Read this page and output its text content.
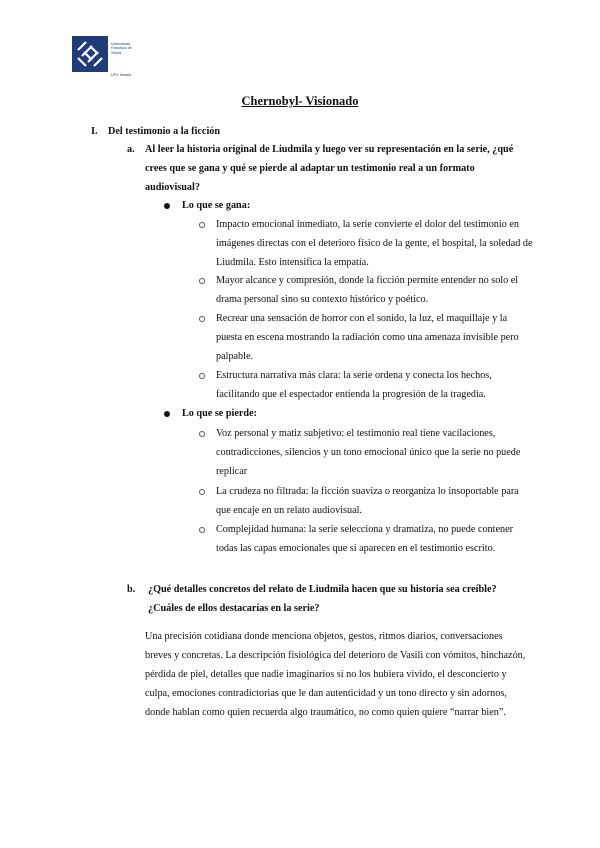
Universidad
Francisco de
Vitoria
UFV Madrid
Chernobyl- Visionado
I. Del testimonio a la ficción
a. Al leer la historia original de Liudmila y luego ver su representación en la serie, ¿qué crees que se gana y qué se pierde al adaptar un testimonio real a un formato audiovisual?
Lo que se gana:
Impacto emocional inmediato, la serie convierte el dolor del testimonio en imágenes directas con el deterioro físico de la gente, el hospital, la soledad de Liudmila. Esto intensifica la empatía.
Mayor alcance y compresión, donde la ficción permite entender no solo el drama personal sino su contexto histórico y poético.
Recrear una sensación de horror con el sonido, la luz, el maquillaje y la puesta en escena mostrando la radiación como una amenaza invisible pero palpable.
Estructura narrativa más clara: la serie ordena y conecta los hechos, facilitando que el espectador entienda la progresión de la tragedia.
Lo que se pierde:
Voz personal y matiz subjetivo: el testimonio real tiene vacilaciones, contradicciones, silencios y un tono emocional único que la serie no puede replicar
La crudeza no filtrada: la ficción suaviza o reorganiza lo insoportable para que encaje en un relato audiovisual.
Complejidad humana: la serie selecciona y dramatiza, no puede contener todas las capas emocionales que sí aparecen en el testimonio escrito.
b. ¿Qué detalles concretos del relato de Liudmila hacen que su historia sea creíble? ¿Cuáles de ellos destacarías en la serie?
Una precisión cotidiana donde menciona objetos, gestos, ritmos diarios, conversaciones breves y concretas. La descripción fisiológica del deterioro de Vasili con vómitos, hinchazón, pérdida de piel, detalles que nadie imaginarios si no los hubiera vivido, el desconcierto y culpa, emociones contradictorias que le dan autenticidad y un tono directo y sin adornos, donde hablan como quien recuerda algo traumático, no como quien quiere “narrar bien”.
